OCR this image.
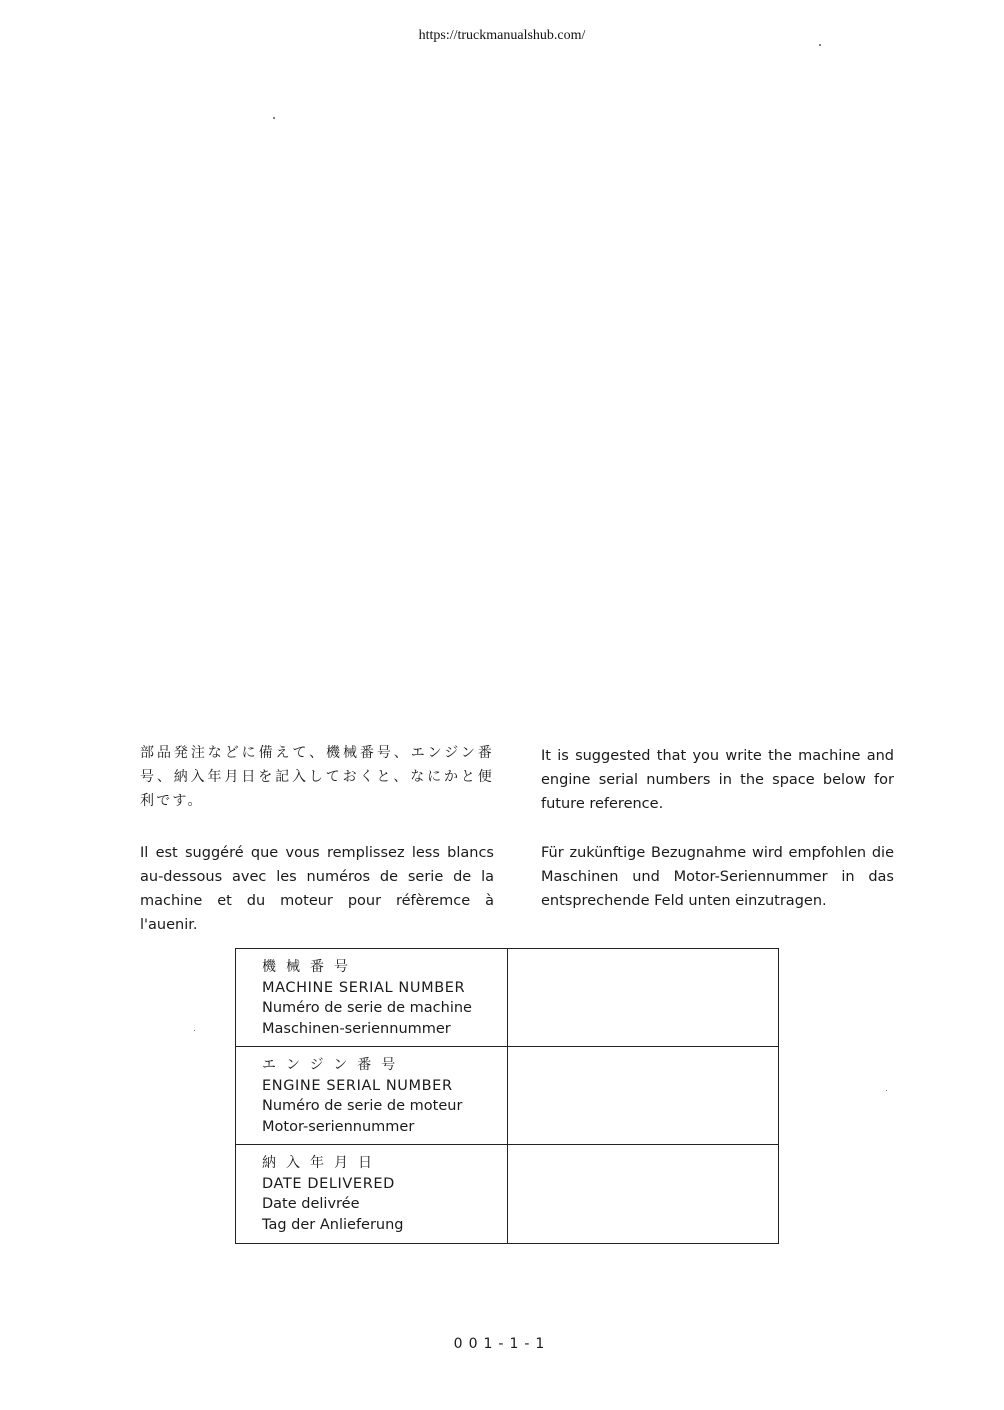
https://truckmanualshub.com/
部品発注などに備えて、機械番号、エンジン番号、納入年月日を記入しておくと、なにかと便利です。
It is suggested that you write the machine and engine serial numbers in the space below for future reference.
Il est suggéré que vous remplissez less blancs au-dessous avec les numéros de serie de la machine et du moteur pour réfèremce à l'auenir.
Für zukünftige Bezugnahme wird empfohlen die Maschinen und Motor-Seriennummer in das entsprechende Feld unten einzutragen.
機械番号
MACHINE SERIAL NUMBER
Numéro de serie de machine
Maschinen-seriennummer
エンジン番号
ENGINE SERIAL NUMBER
Numéro de serie de moteur
Motor-seriennummer
納入年月日
DATE DELIVERED
Date delivrée
Tag der Anlieferung
001-1-1
